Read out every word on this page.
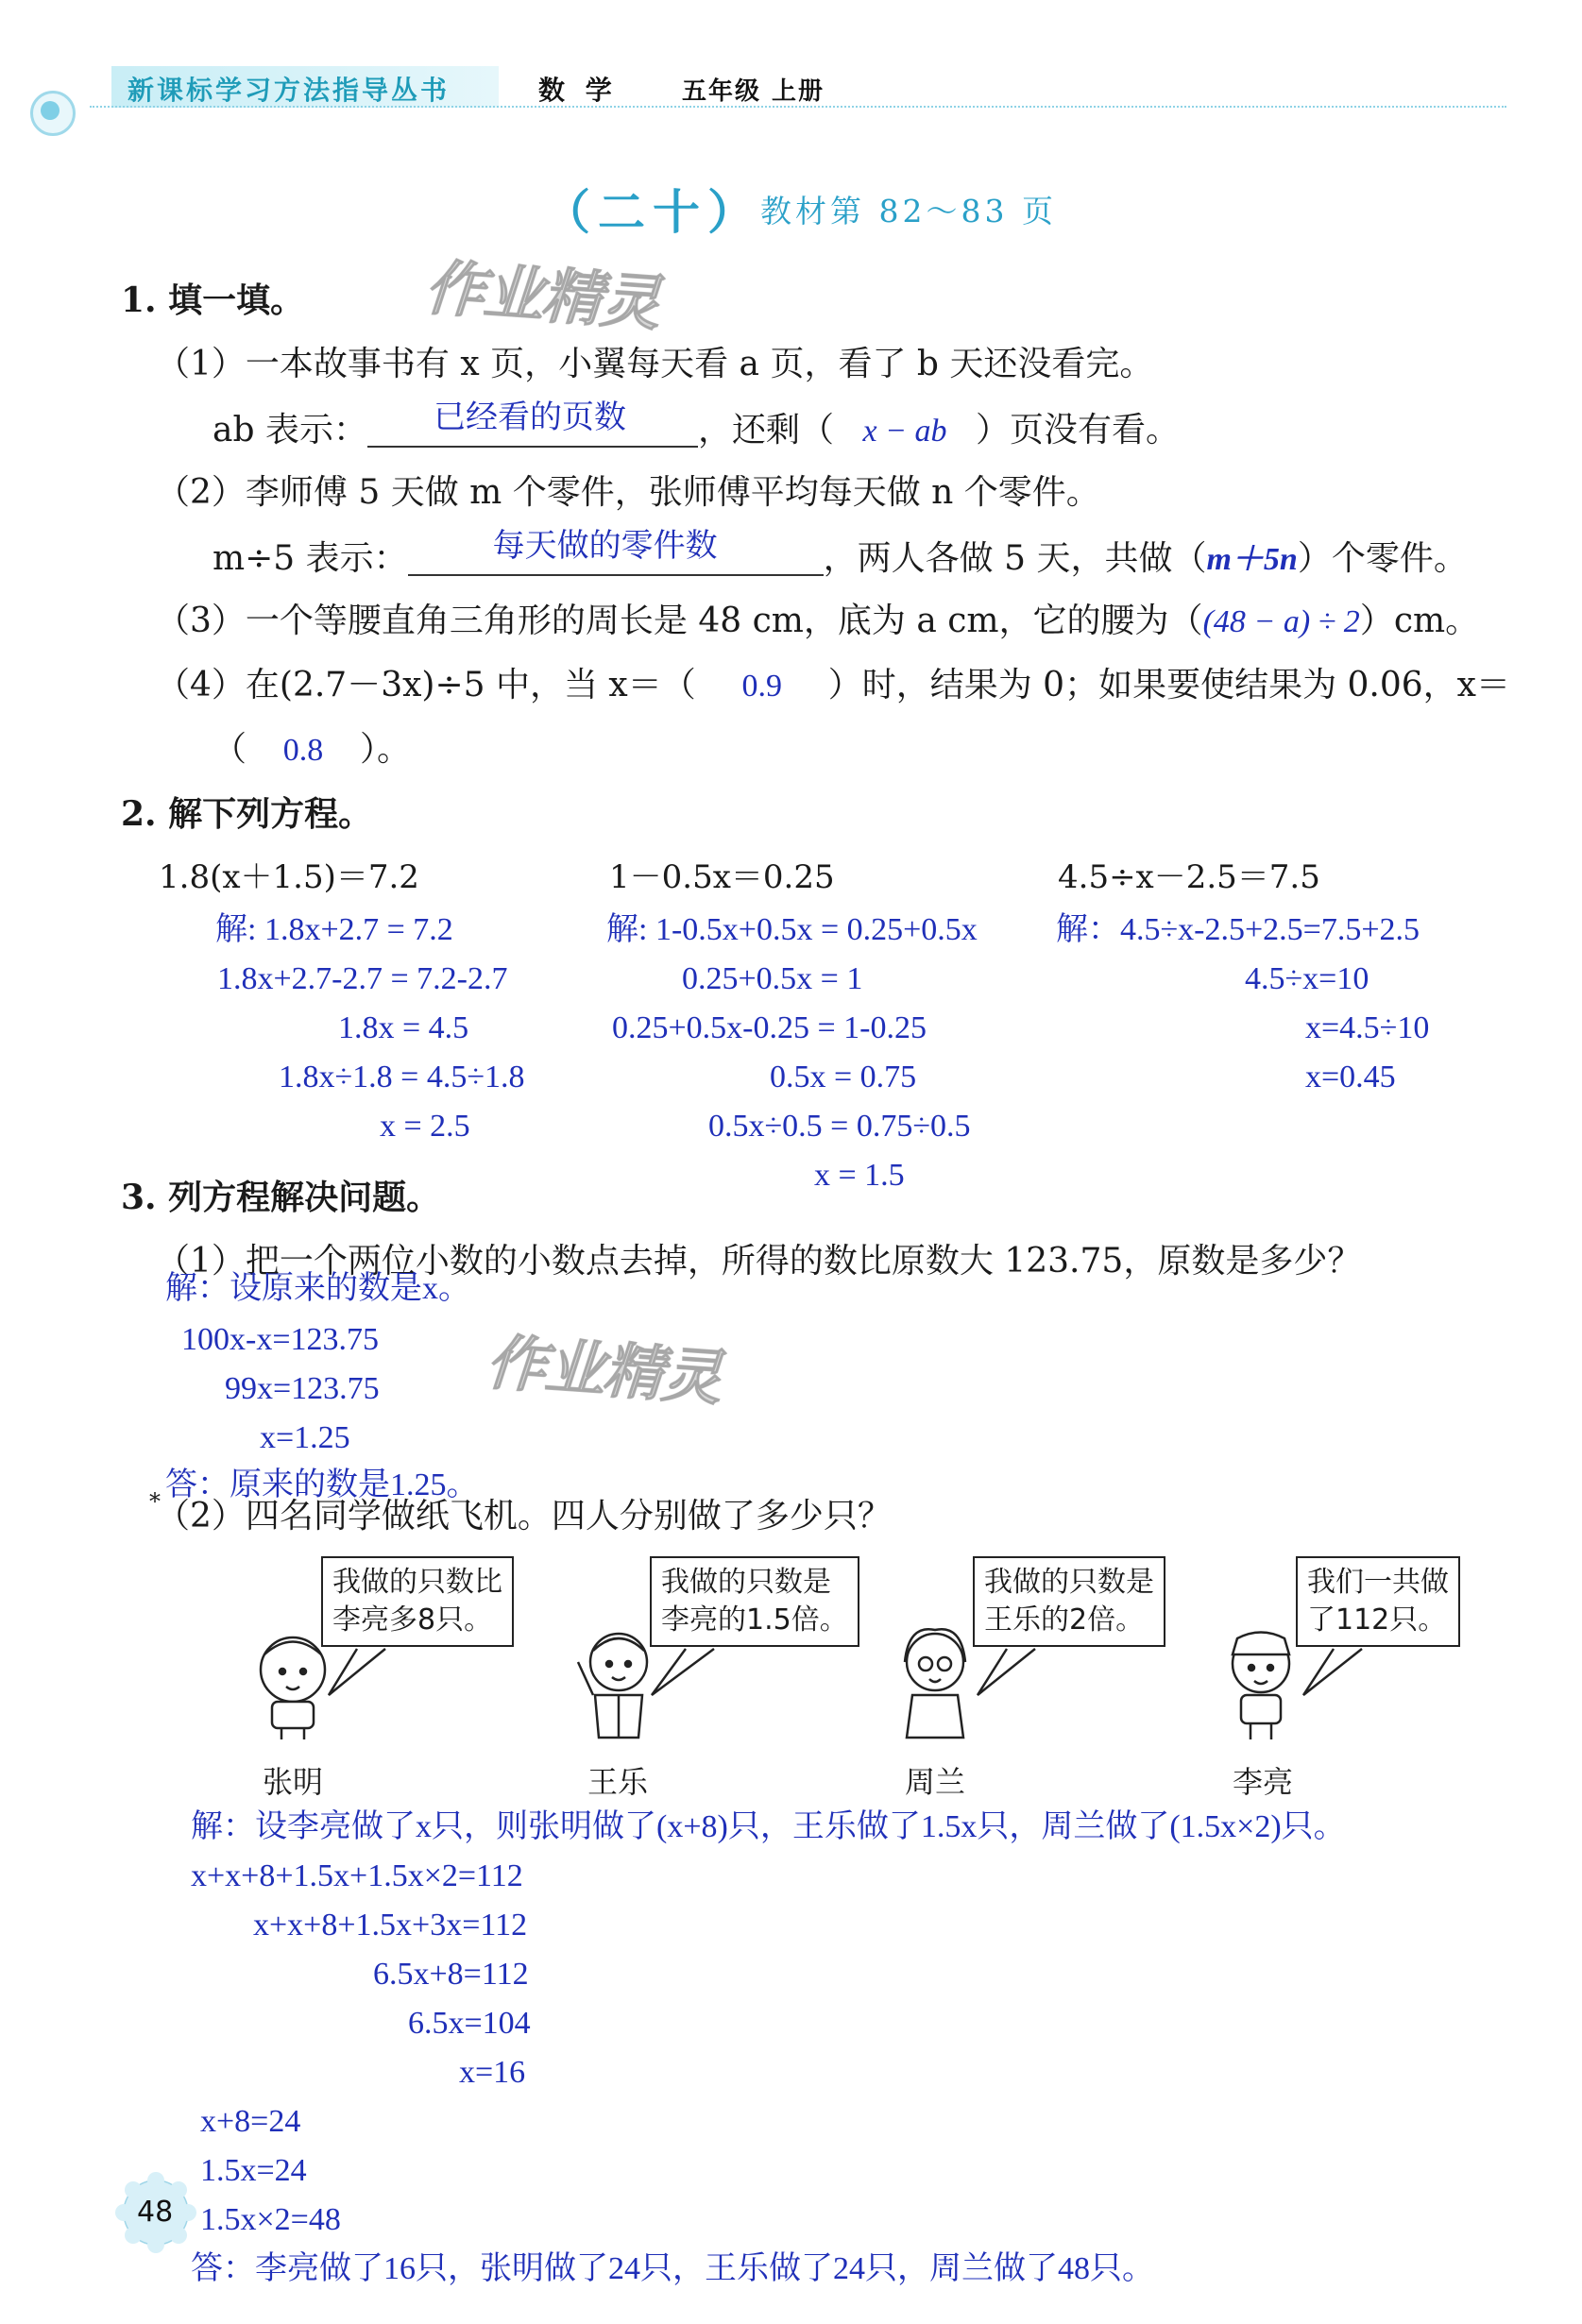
新课标学习方法指导丛书	数 学	五年级 上册
（二十）
教材第 82～83 页
作业精灵
作业精灵
1. 填一填。
（1）一本故事书有 x 页，小翼每天看 a 页，看了 b 天还没看完。
ab 表示： 已经看的页数 ，还剩（ x − ab ）页没有看。
（2）李师傅 5 天做 m 个零件，张师傅平均每天做 n 个零件。
m÷5 表示：	每天做的零件数	，两人各做 5 天，共做（m＋5n）个零件。
（3）一个等腰直角三角形的周长是 48 cm，底为 a cm，它的腰为（(48 − a) ÷ 2）cm。
（4）在(2.7－3x)÷5 中，当 x＝（ 0.9 ）时，结果为 0；如果要使结果为 0.06，x＝
（ 0.8 ）。
2. 解下列方程。
1.8(x＋1.5)＝7.2	1－0.5x＝0.25	4.5÷x－2.5＝7.5
解: 1.8x+2.7 = 7.2
1.8x+2.7-2.7 = 7.2-2.7
1.8x = 4.5
1.8x÷1.8 = 4.5÷1.8
x = 2.5
解: 1-0.5x+0.5x = 0.25+0.5x
0.25+0.5x = 1
0.25+0.5x-0.25 = 1-0.25
0.5x = 0.75
0.5x÷0.5 = 0.75÷0.5
x = 1.5
解：4.5÷x-2.5+2.5=7.5+2.5
4.5÷x=10
x=4.5÷10
x=0.45
3. 列方程解决问题。
（1）把一个两位小数的小数点去掉，所得的数比原数大 123.75，原数是多少？
解：设原来的数是x。
100x-x=123.75
99x=123.75
x=1.25
答：原来的数是1.25。
*
（2）四名同学做纸飞机。四人分别做了多少只？
我做的只数比
李亮多8只。
我做的只数是
李亮的1.5倍。
我做的只数是
王乐的2倍。
我们一共做
了112只。
张明	王乐	周兰	李亮
解：设李亮做了x只，则张明做了(x+8)只，王乐做了1.5x只，周兰做了(1.5x×2)只。
x+x+8+1.5x+1.5x×2=112
x+x+8+1.5x+3x=112
6.5x+8=112
6.5x=104
x=16
x+8=24
1.5x=24
1.5x×2=48
答：李亮做了16只，张明做了24只，王乐做了24只，周兰做了48只。
48
